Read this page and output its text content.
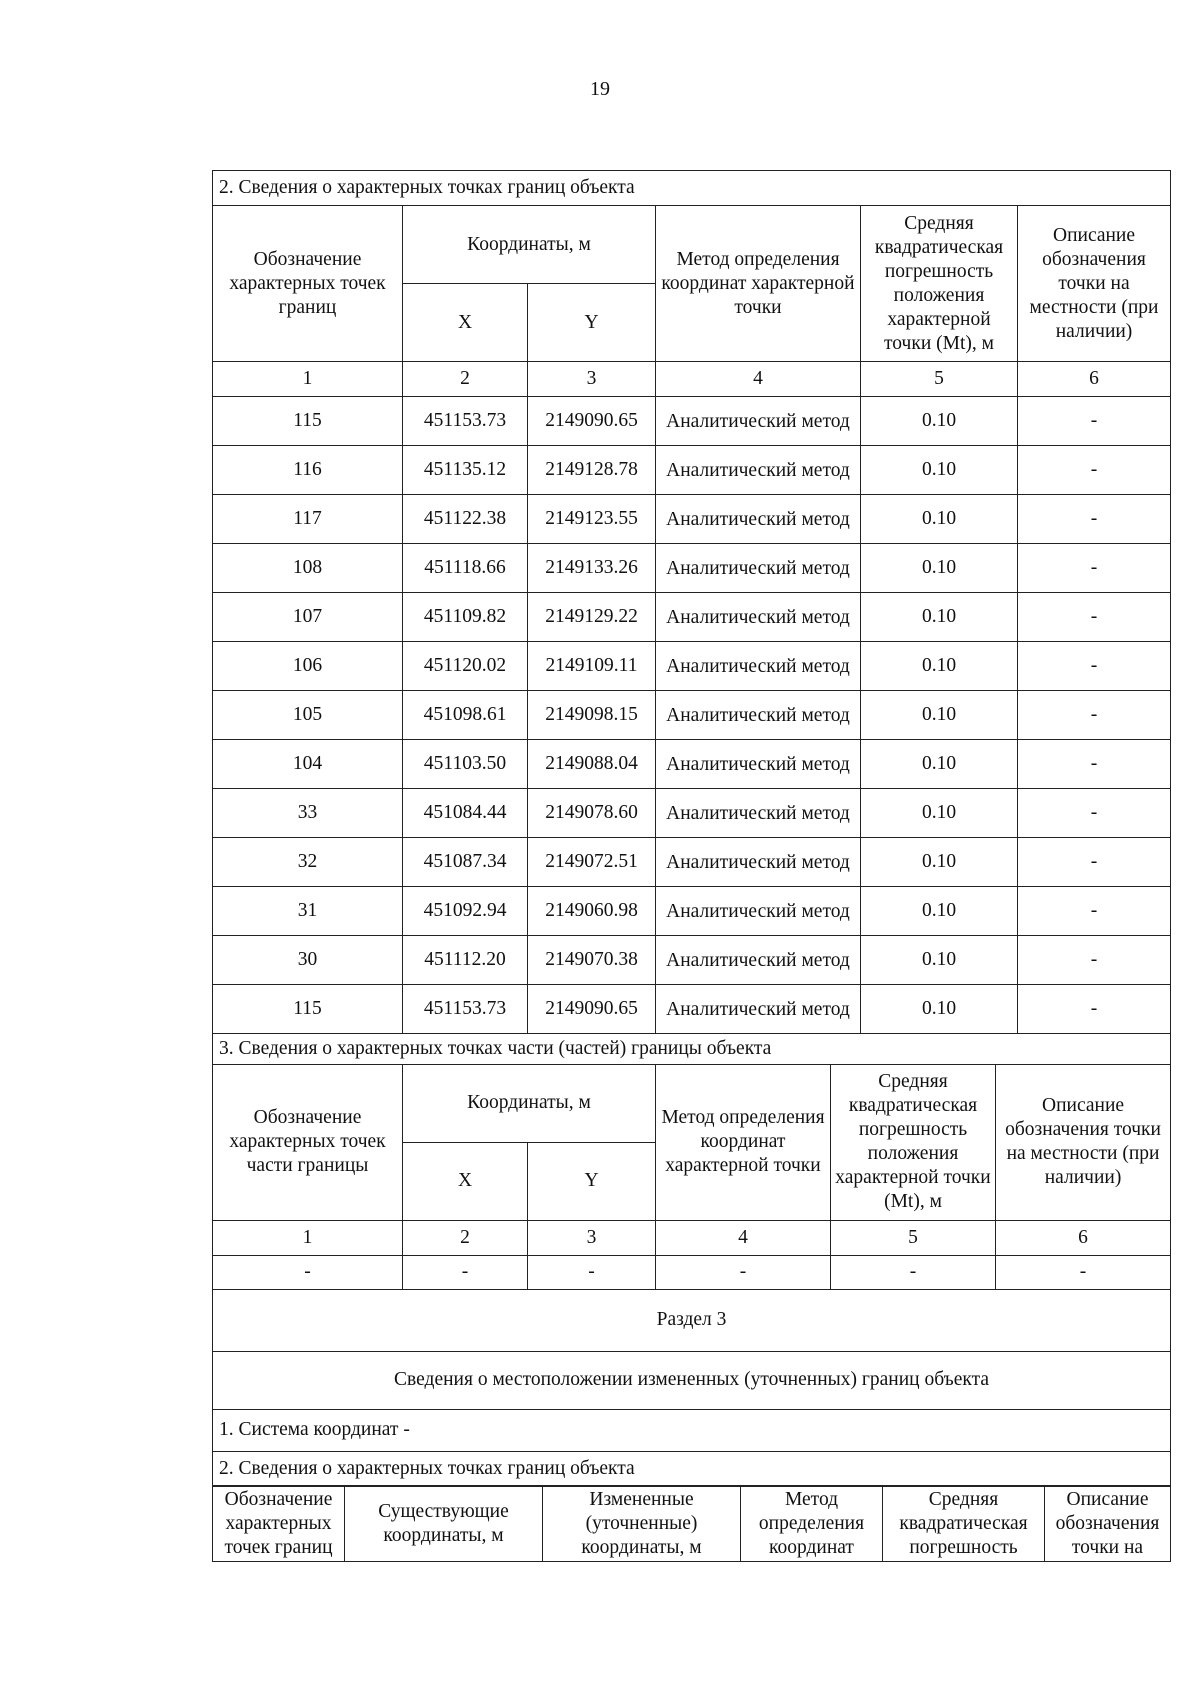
19
2. Сведения о характерных точках границ объекта					
Обозначение характерных точек границ	Координаты, м		Метод определения координат характерной точки	Средняя квадратическая погрешность положения характерной точки (Mt), м	Описание обозначения точки на местности (при наличии)
	X	Y			
1	2	3	4	5	6
115	451153.73	2149090.65	Аналитический метод	0.10	-
116	451135.12	2149128.78	Аналитический метод	0.10	-
117	451122.38	2149123.55	Аналитический метод	0.10	-
108	451118.66	2149133.26	Аналитический метод	0.10	-
107	451109.82	2149129.22	Аналитический метод	0.10	-
106	451120.02	2149109.11	Аналитический метод	0.10	-
105	451098.61	2149098.15	Аналитический метод	0.10	-
104	451103.50	2149088.04	Аналитический метод	0.10	-
33	451084.44	2149078.60	Аналитический метод	0.10	-
32	451087.34	2149072.51	Аналитический метод	0.10	-
31	451092.94	2149060.98	Аналитический метод	0.10	-
30	451112.20	2149070.38	Аналитический метод	0.10	-
115	451153.73	2149090.65	Аналитический метод	0.10	-
3. Сведения о характерных точках части (частей) границы объекта					
Обозначение характерных точек части границы	Координаты, м		Метод определения координат характерной точки	Средняя квадратическая погрешность положения характерной точки (Mt), м	Описание обозначения точки на местности (при наличии)
	X	Y			
1	2	3	4	5	6
-	-	-	-	-	-
Раздел 3					
Сведения о местоположении измененных (уточненных) границ объекта					
1. Система координат -					
2. Сведения о характерных точках границ объекта					
Обозначение характерных точек границ	Существующие координаты, м	Измененные (уточненные) координаты, м	Метод определения координат	Средняя квадратическая погрешность	Описание обозначения точки на
